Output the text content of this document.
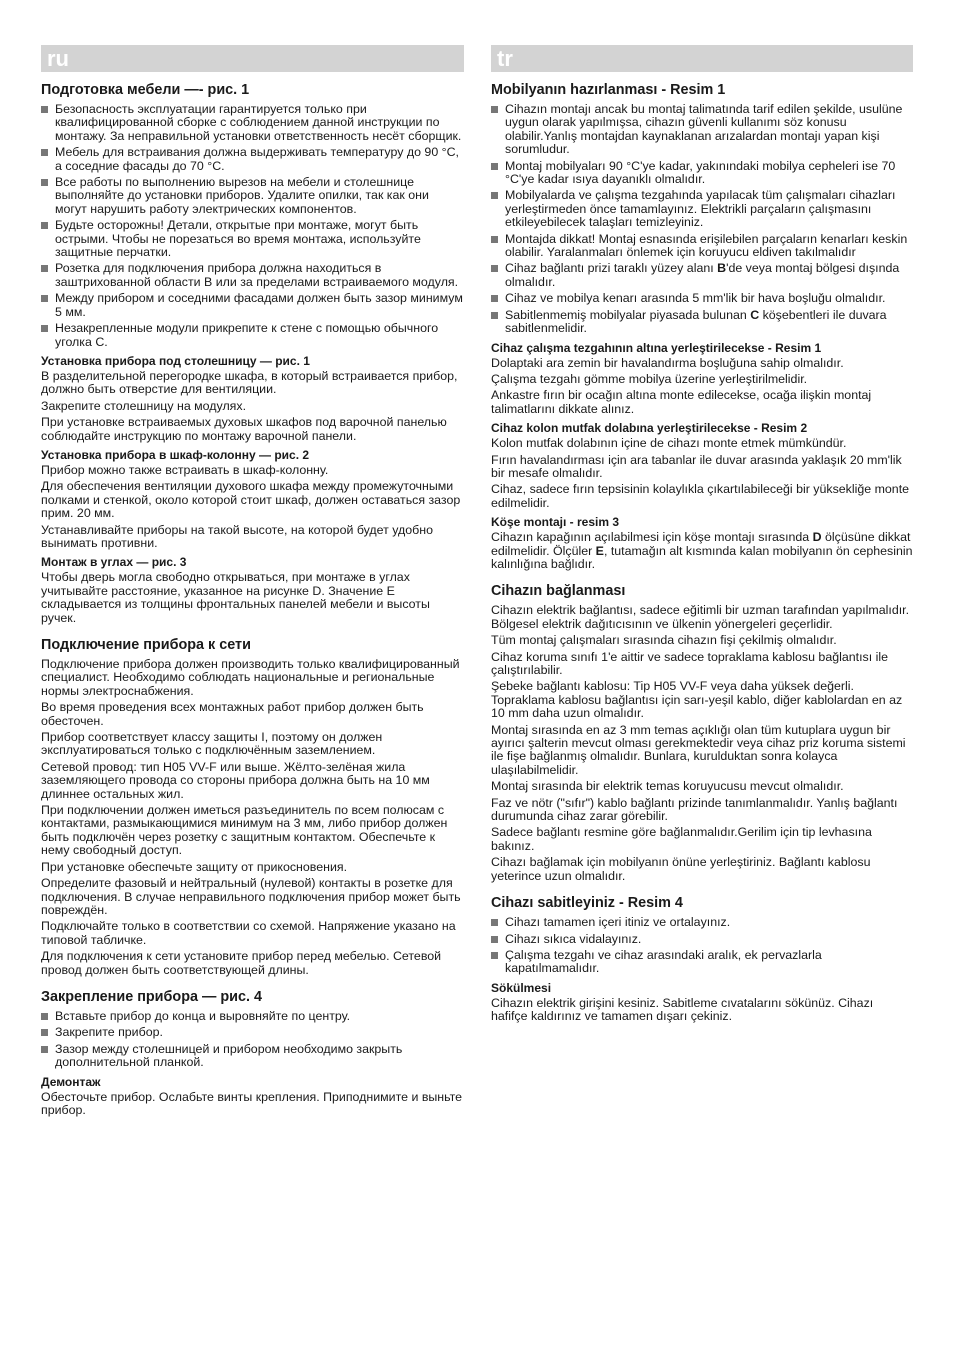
ru
Подготовка мебели —- рис. 1
Безопасность эксплуатации гарантируется только при квалифицированной сборке с соблюдением данной инструкции по монтажу. За неправильной установки ответственность несёт сборщик.
Мебель для встраивания должна выдерживать температуру до 90 °C, а соседние фасады до 70 °C.
Все работы по выполнению вырезов на мебели и столешнице выполняйте до установки приборов. Удалите опилки, так как они могут нарушить работу электрических компонентов.
Будьте осторожны! Детали, открытые при монтаже, могут быть острыми. Чтобы не порезаться во время монтажа, используйте защитные перчатки.
Розетка для подключения прибора должна находиться в заштрихованной области B или за пределами встраиваемого модуля.
Между прибором и соседними фасадами должен быть зазор минимум 5 мм.
Незакрепленные модули прикрепите к стене с помощью обычного уголка C.
Установка прибора под столешницу — рис. 1

В разделительной перегородке шкафа, в который встраивается прибор, должно быть отверстие для вентиляции.

Закрепите столешницу на модулях.

При установке встраиваемых духовых шкафов под варочной панелью соблюдайте инструкцию по монтажу варочной панели.

Установка прибора в шкаф-колонну — рис. 2

Прибор можно также встраивать в шкаф-колонну.

Для обеспечения вентиляции духового шкафа между промежуточными полками и стенкой, около которой стоит шкаф, должен оставаться зазор прим. 20 мм.

Устанавливайте приборы на такой высоте, на которой будет удобно вынимать противни.

Монтаж в углах — рис. 3

Чтобы дверь могла свободно открываться, при монтаже в углах учитывайте расстояние, указанное на рисунке D. Значение E складывается из толщины фронтальных панелей мебели и высоты ручек.

Подключение прибора к сети

Подключение прибора должен производить только квалифицированный специалист. Необходимо соблюдать национальные и региональные нормы электроснабжения.

Во время проведения всех монтажных работ прибор должен быть обесточен.

Прибор соответствует классу защиты I, поэтому он должен эксплуатироваться только с подключённым заземлением.

Сетевой провод: тип H05 VV-F или выше. Жёлто-зелёная жила заземляющего провода со стороны прибора должна быть на 10 мм длиннее остальных жил.

При подключении должен иметься разъединитель по всем полюсам с контактами, размыкающимися минимум на 3 мм, либо прибор должен быть подключён через розетку с защитным контактом. Обеспечьте к нему свободный доступ.

При установке обеспечьте защиту от прикосновения.

Определите фазовый и нейтральный (нулевой) контакты в розетке для подключения. В случае неправильного подключения прибор может быть повреждён.

Подключайте только в соответствии со схемой. Напряжение указано на типовой табличке.

Для подключения к сети установите прибор перед мебелью. Сетевой провод должен быть соответствующей длины.

Закрепление прибора — рис. 4
Вставьте прибор до конца и выровняйте по центру.
Закрепите прибор.
Зазор между столешницей и прибором необходимо закрыть дополнительной планкой.
Демонтаж

Обесточьте прибор. Ослабьте винты крепления. Приподнимите и выньте прибор.

tr
Mobilyanın hazırlanması - Resim 1
Cihazın montajı ancak bu montaj talimatında tarif edilen şekilde, usulüne uygun olarak yapılmışsa, cihazın güvenli kullanımı söz konusu olabilir.Yanlış montajdan kaynaklanan arızalardan montajı yapan kişi sorumludur.
Montaj mobilyaları 90 °C'ye kadar, yakınındaki mobilya cepheleri ise 70 °C'ye kadar ısıya dayanıklı olmalıdır.
Mobilyalarda ve çalışma tezgahında yapılacak tüm çalışmaları cihazları yerleştirmeden önce tamamlayınız. Elektrikli parçaların çalışmasını etkileyebilecek talaşları temizleyiniz.
Montajda dikkat! Montaj esnasında erişilebilen parçaların kenarları keskin olabilir. Yaralanmaları önlemek için koruyucu eldiven takılmalıdır
Cihaz bağlantı prizi taraklı yüzey alanı B'de veya montaj bölgesi dışında olmalıdır.
Cihaz ve mobilya kenarı arasında 5 mm'lik bir hava boşluğu olmalıdır.
Sabitlenmemiş mobilyalar piyasada bulunan C köşebentleri ile duvara sabitlenmelidir.
Cihaz çalışma tezgahının altına yerleştirilecekse - Resim 1

Dolaptaki ara zemin bir havalandırma boşluğuna sahip olmalıdır.

Çalışma tezgahı gömme mobilya üzerine yerleştirilmelidir.

Ankastre fırın bir ocağın altına monte edilecekse, ocağa ilişkin montaj talimatlarını dikkate alınız.

Cihaz kolon mutfak dolabına yerleştirilecekse - Resim 2

Kolon mutfak dolabının içine de cihazı monte etmek mümkündür.

Fırın havalandırması için ara tabanlar ile duvar arasında yaklaşık 20 mm'lik bir mesafe olmalıdır.

Cihaz, sadece fırın tepsisinin kolaylıkla çıkartılabileceği bir yüksekliğe monte edilmelidir.

Köşe montajı - resim 3

Cihazın kapağının açılabilmesi için köşe montajı sırasında D ölçüsüne dikkat edilmelidir. Ölçüler E, tutamağın alt kısmında kalan mobilyanın ön cephesinin kalınlığına bağlıdır.

Cihazın bağlanması

Cihazın elektrik bağlantısı, sadece eğitimli bir uzman tarafından yapılmalıdır. Bölgesel elektrik dağıtıcısının ve ülkenin yönergeleri geçerlidir.

Tüm montaj çalışmaları sırasında cihazın fişi çekilmiş olmalıdır.

Cihaz koruma sınıfı 1'e aittir ve sadece topraklama kablosu bağlantısı ile çalıştırılabilir.

Şebeke bağlantı kablosu: Tip H05 VV-F veya daha yüksek değerli. Topraklama kablosu bağlantısı için sarı-yeşil kablo, diğer kablolardan en az 10 mm daha uzun olmalıdır.

Montaj sırasında en az 3 mm temas açıklığı olan tüm kutuplara uygun bir ayırıcı şalterin mevcut olması gerekmektedir veya cihaz priz koruma sistemi ile fişe bağlanmış olmalıdır. Bunlara, kurulduktan sonra kolayca ulaşılabilmelidir.

Montaj sırasında bir elektrik temas koruyucusu mevcut olmalıdır.

Faz ve nötr ("sıfır") kablo bağlantı prizinde tanımlanmalıdır. Yanlış bağlantı durumunda cihaz zarar görebilir.

Sadece bağlantı resmine göre bağlanmalıdır.Gerilim için tip levhasına bakınız.

Cihazı bağlamak için mobilyanın önüne yerleştiriniz. Bağlantı kablosu yeterince uzun olmalıdır.

Cihazı sabitleyiniz - Resim 4
Cihazı tamamen içeri itiniz ve ortalayınız.
Cihazı sıkıca vidalayınız.
Çalışma tezgahı ve cihaz arasındaki aralık, ek pervazlarla kapatılmamalıdır.
Sökülmesi

Cihazın elektrik girişini kesiniz. Sabitleme cıvatalarını sökünüz. Cihazı hafifçe kaldırınız ve tamamen dışarı çekiniz.
